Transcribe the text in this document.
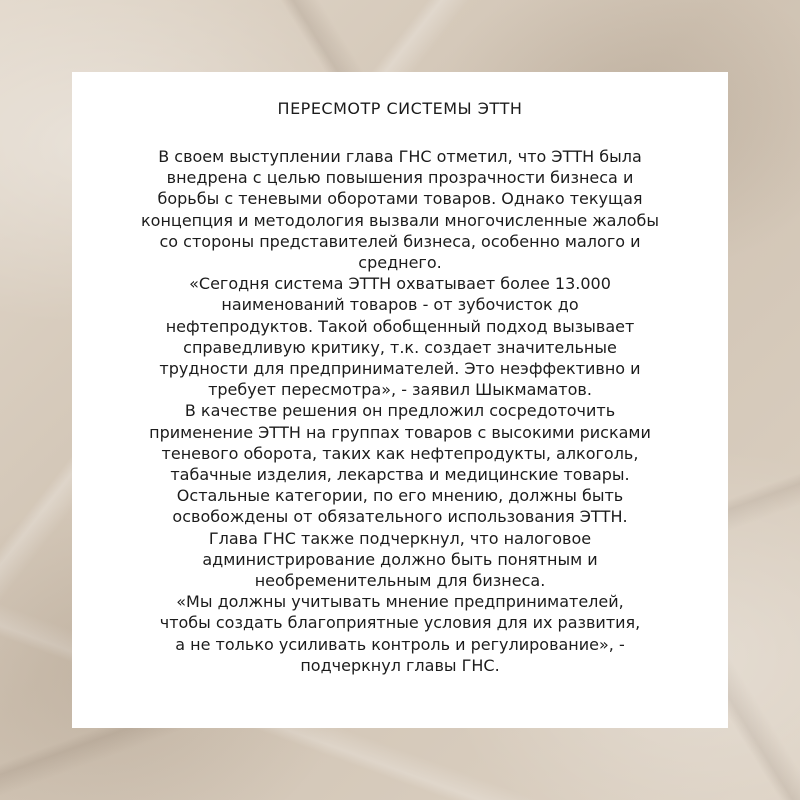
ПЕРЕСМОТР СИСТЕМЫ ЭТТН
В своем выступлении глава ГНС отметил, что ЭТТН была
внедрена с целью повышения прозрачности бизнеса и
борьбы с теневыми оборотами товаров. Однако текущая
концепция и методология вызвали многочисленные жалобы
со стороны представителей бизнеса, особенно малого и
среднего.
«Сегодня система ЭТТН охватывает более 13.000
наименований товаров - от зубочисток до
нефтепродуктов. Такой обобщенный подход вызывает
справедливую критику, т.к. создает значительные
трудности для предпринимателей. Это неэффективно и
требует пересмотра», - заявил Шыкмаматов.
В качестве решения он предложил сосредоточить
применение ЭТТН на группах товаров с высокими рисками
теневого оборота, таких как нефтепродукты, алкоголь,
табачные изделия, лекарства и медицинские товары.
Остальные категории, по его мнению, должны быть
освобождены от обязательного использования ЭТТН.
Глава ГНС также подчеркнул, что налоговое
администрирование должно быть понятным и
необременительным для бизнеса.
«Мы должны учитывать мнение предпринимателей,
чтобы создать благоприятные условия для их развития,
а не только усиливать контроль и регулирование», -
подчеркнул главы ГНС.
